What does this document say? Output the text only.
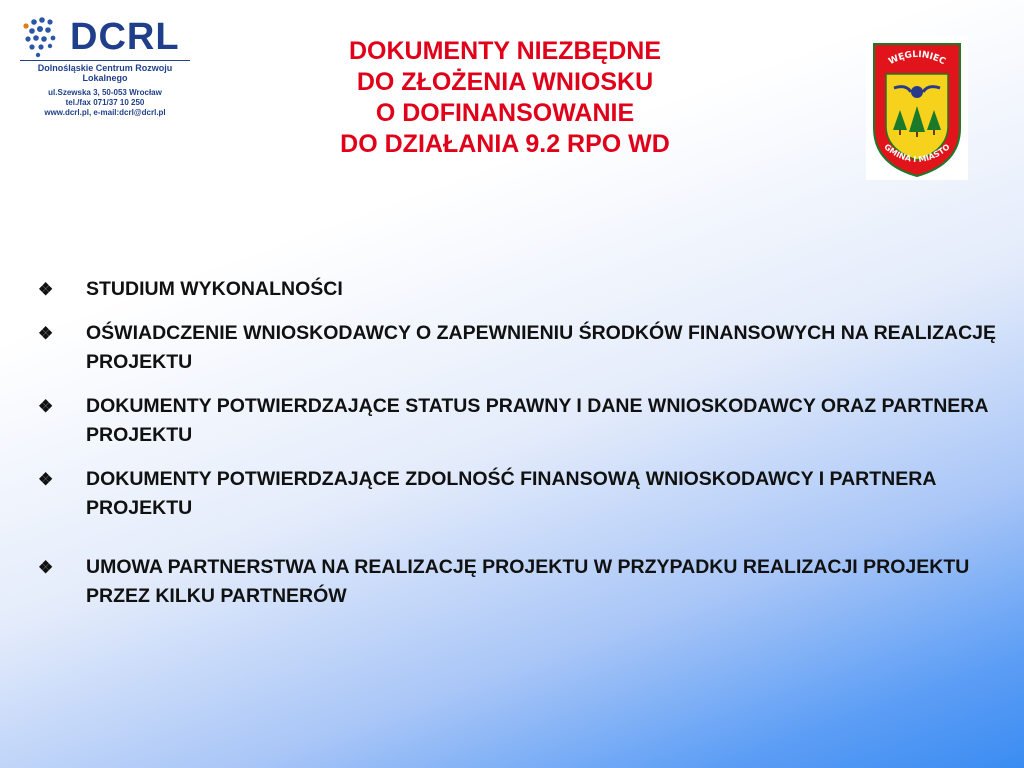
DCRL
Dolnośląskie Centrum Rozwoju Lokalnego
ul.Szewska 3, 50-053 Wrocław
tel./fax 071/37 10 250
www.dcrl.pl, e-mail:dcrl@dcrl.pl
DOKUMENTY NIEZBĘDNE
DO ZŁOŻENIA WNIOSKU
O DOFINANSOWANIE
DO DZIAŁANIA 9.2 RPO WD
WĘGLINIEC
GMINA I MIASTO
❖	STUDIUM WYKONALNOŚCI
❖	OŚWIADCZENIE WNIOSKODAWCY O ZAPEWNIENIU ŚRODKÓW FINANSOWYCH NA REALIZACJĘ PROJEKTU
❖	DOKUMENTY POTWIERDZAJĄCE STATUS PRAWNY I DANE WNIOSKODAWCY ORAZ PARTNERA PROJEKTU
❖	DOKUMENTY POTWIERDZAJĄCE ZDOLNOŚĆ FINANSOWĄ WNIOSKODAWCY I PARTNERA PROJEKTU
❖	UMOWA PARTNERSTWA NA REALIZACJĘ PROJEKTU W PRZYPADKU REALIZACJI PROJEKTU PRZEZ KILKU PARTNERÓW
